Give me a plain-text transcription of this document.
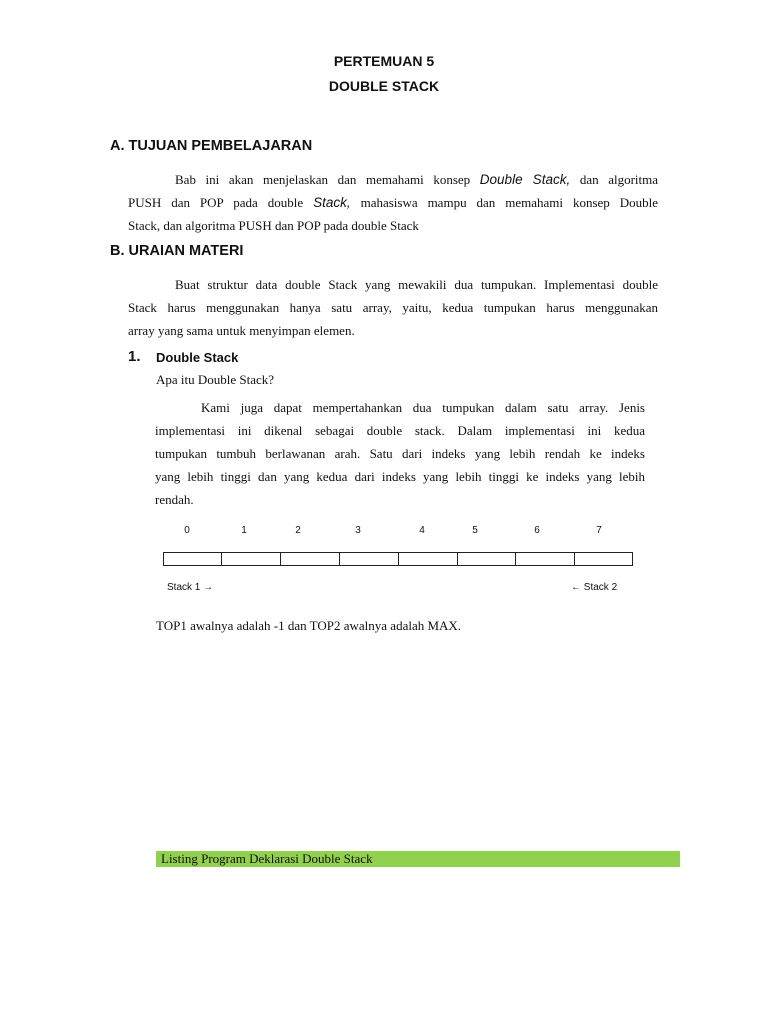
PERTEMUAN 5
DOUBLE STACK
A. TUJUAN PEMBELAJARAN
Bab ini akan menjelaskan dan memahami konsep Double Stack, dan algoritma
PUSH dan POP pada double Stack, mahasiswa mampu dan memahami konsep Double
Stack, dan algoritma PUSH dan POP pada double Stack
B. URAIAN MATERI
Buat struktur data double Stack yang mewakili dua tumpukan. Implementasi double
Stack harus menggunakan hanya satu array, yaitu, kedua tumpukan harus menggunakan
array yang sama untuk menyimpan elemen.
1. Double Stack
Apa itu Double Stack?
Kami juga dapat mempertahankan dua tumpukan dalam satu array. Jenis
implementasi ini dikenal sebagai double stack. Dalam implementasi ini kedua
tumpukan tumbuh berlawanan arah. Satu dari indeks yang lebih rendah ke indeks
yang lebih tinggi dan yang kedua dari indeks yang lebih tinggi ke indeks yang lebih
rendah.
0	1	2	3	4	5	6	7
Stack 1 →	← Stack 2
TOP1 awalnya adalah -1 dan TOP2 awalnya adalah MAX.
Listing Program Deklarasi Double Stack
